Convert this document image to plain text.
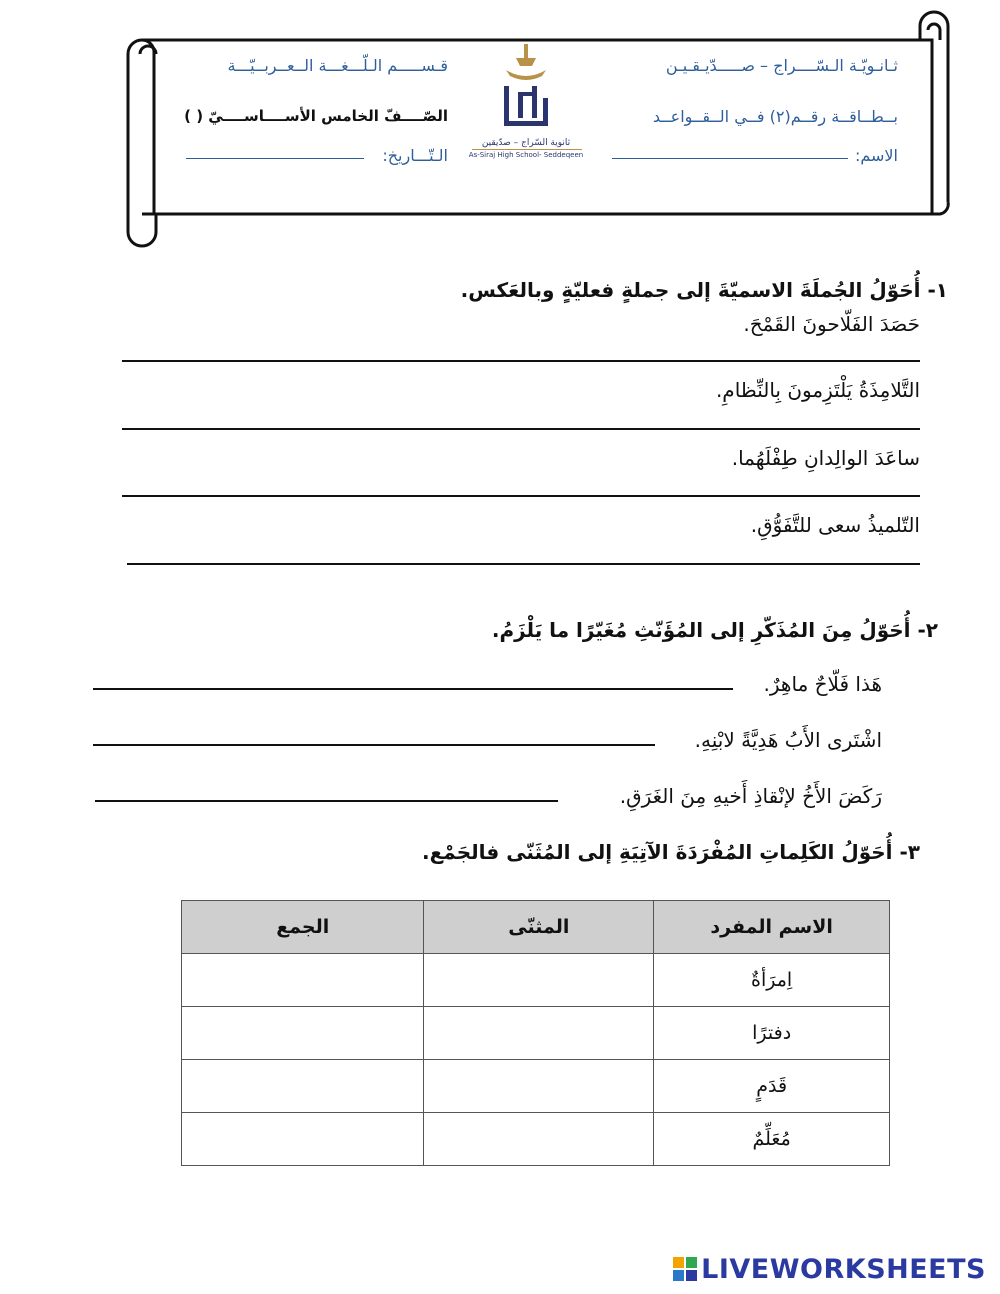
ثـانـويّـة الـسّــــراج – صـــــدّيـقـيـن
قـســـــم الـلّـــغـــة الــعــربــيّـــة
بــطــاقــة رقــم(٢) فــي الــقــواعــد
الصّــــفّ الخامس الأســــاســــيّ ( )
الاسم:
الـتّـــاريخ:
ثانوية السّراج – صدّيقين
As-Siraj High School- Seddeqeen
١- أُحَوّلُ الجُملَةَ الاسميّةَ إلى جملةٍ فعليّةٍ وبالعَكس.
حَصَدَ الفَلّاحونَ القَمْحَ.
التَّلامِذَةُ يَلْتَزِمونَ بِالنِّظامِ.
ساعَدَ الوالِدانِ طِفْلَهُما.
التّلميذُ سعى للتَّفَوُّقِ.
٢- أُحَوّلُ مِنَ المُذَكّرِ إلى المُؤَنّثِ مُغَيّرًا ما يَلْزَمُ.
هَذا فَلّاحٌ ماهِرٌ.
اشْتَرى الأَبُ هَدِيَّةً لابْنِهِ.
رَكَضَ الأَخُ لإنْقاذِ أَخيهِ مِنَ الغَرَقِ.
٣- أُحَوّلُ الكَلِماتِ المُفْرَدَةَ الآتِيَةِ إلى المُثَنّى فالجَمْع.
الجمع	المثنّى	الاسم المفرد
		اِمرَأةٌ
		دفترًا
		قَدَمٍ
		مُعَلِّمٌ
LIVEWORKSHEETS
